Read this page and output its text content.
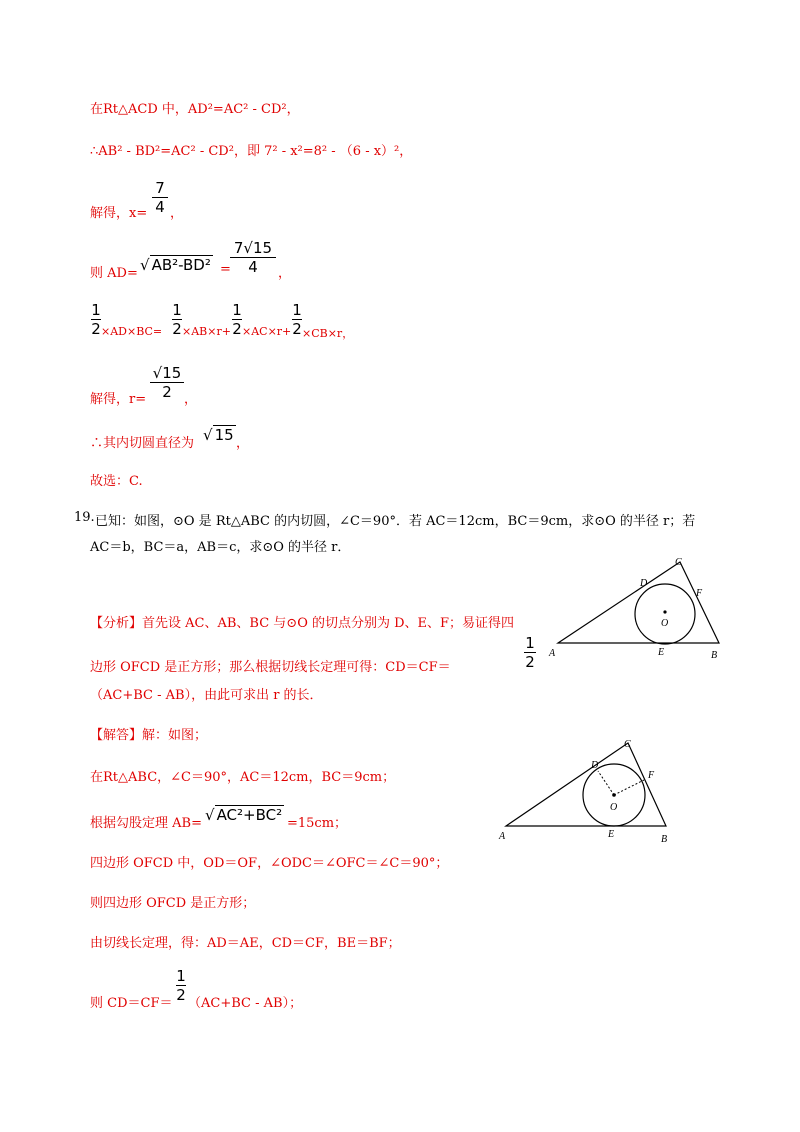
在Rt△ACD 中，AD²=AC² - CD²，
∴AB² - BD²=AC² - CD²，即 7² - x²=8² - （6 - x）²，
解得，x=
7
4 ，
则 AD= √ AB²-BD² =
7√15
4	，
1
2 ×AD×BC=
1
2 ×AB×r+
1
2 ×AC×r+
1
2 ×CB×r，
解得，r=
√15
2 ，
∴其内切圆直径为 √ 15 ，
故选：C.
19. 已知：如图，⊙O 是 Rt△ABC 的内切圆，∠C＝90°．若 AC＝12cm，BC＝9cm，求⊙O 的半径 r；若
AC＝b，BC＝a，AB＝c，求⊙O 的半径 r．
A	B
C
D
E
F
O
【分析】首先设 AC、AB、BC 与⊙O 的切点分别为 D、E、F；易证得四
边形 OFCD 是正方形；那么根据切线长定理可得：CD＝CF＝
1
2
（AC+BC - AB），由此可求出 r 的长．
【解答】解：如图；
在Rt△ABC，∠C＝90°，AC＝12cm，BC＝9cm；
根据勾股定理 AB= √ AC²+BC² =15cm；
四边形 OFCD 中，OD＝OF，∠ODC＝∠OFC＝∠C＝90°；
则四边形 OFCD 是正方形；
由切线长定理，得：AD＝AE，CD＝CF，BE＝BF；
则 CD＝CF＝
1
2 （AC+BC - AB）；
A	B
C
D
E
F
O
